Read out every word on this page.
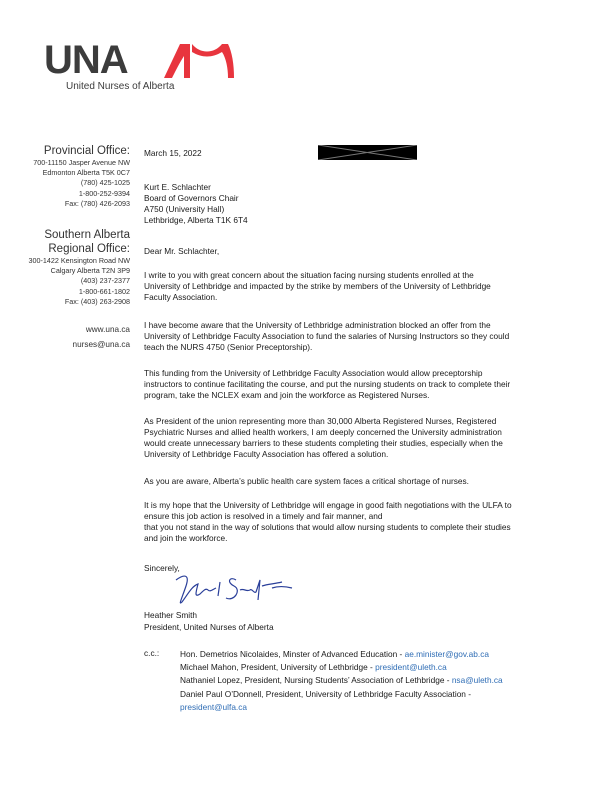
UNA
United Nurses of Alberta
Provincial Office:
700-11150 Jasper Avenue NW
Edmonton Alberta T5K 0C7
(780) 425-1025
1-800-252-9394
Fax: (780) 426-2093
Southern Alberta
Regional Office:
300-1422 Kensington Road NW
Calgary Alberta T2N 3P9
(403) 237-2377
1-800-661-1802
Fax: (403) 263-2908
www.una.ca
nurses@una.ca
March 15, 2022
Kurt E. Schlachter
Board of Governors Chair
A750 (University Hall)
Lethbridge, Alberta T1K 6T4
Dear Mr. Schlachter,
I write to you with great concern about the situation facing nursing students enrolled at the
University of Lethbridge and impacted by the strike by members of the University of Lethbridge
Faculty Association.
I have become aware that the University of Lethbridge administration blocked an offer from the
University of Lethbridge Faculty Association to fund the salaries of Nursing Instructors so they could
teach the NURS 4750 (Senior Preceptorship).
This funding from the University of Lethbridge Faculty Association would allow preceptorship
instructors to continue facilitating the course, and put the nursing students on track to complete their
program, take the NCLEX exam and join the workforce as Registered Nurses.
As President of the union representing more than 30,000 Alberta Registered Nurses, Registered
Psychiatric Nurses and allied health workers, I am deeply concerned the University administration
would create unnecessary barriers to these students completing their studies, especially when the
University of Lethbridge Faculty Association has offered a solution.
As you are aware, Alberta’s public health care system faces a critical shortage of nurses.
It is my hope that the University of Lethbridge will engage in good faith negotiations with the ULFA to
ensure this job action is resolved in a timely and fair manner, and
that you not stand in the way of solutions that would allow nursing students to complete their studies
and join the workforce.
Sincerely,
Heather Smith
President, United Nurses of Alberta
c.c.:	Hon. Demetrios Nicolaides, Minster of Advanced Education - ae.minister@gov.ab.ca
Michael Mahon, President, University of Lethbridge - president@uleth.ca
Nathaniel Lopez, President, Nursing Students’ Association of Lethbridge - nsa@uleth.ca
Daniel Paul O’Donnell, President, University of Lethbridge Faculty Association -
president@ulfa.ca
